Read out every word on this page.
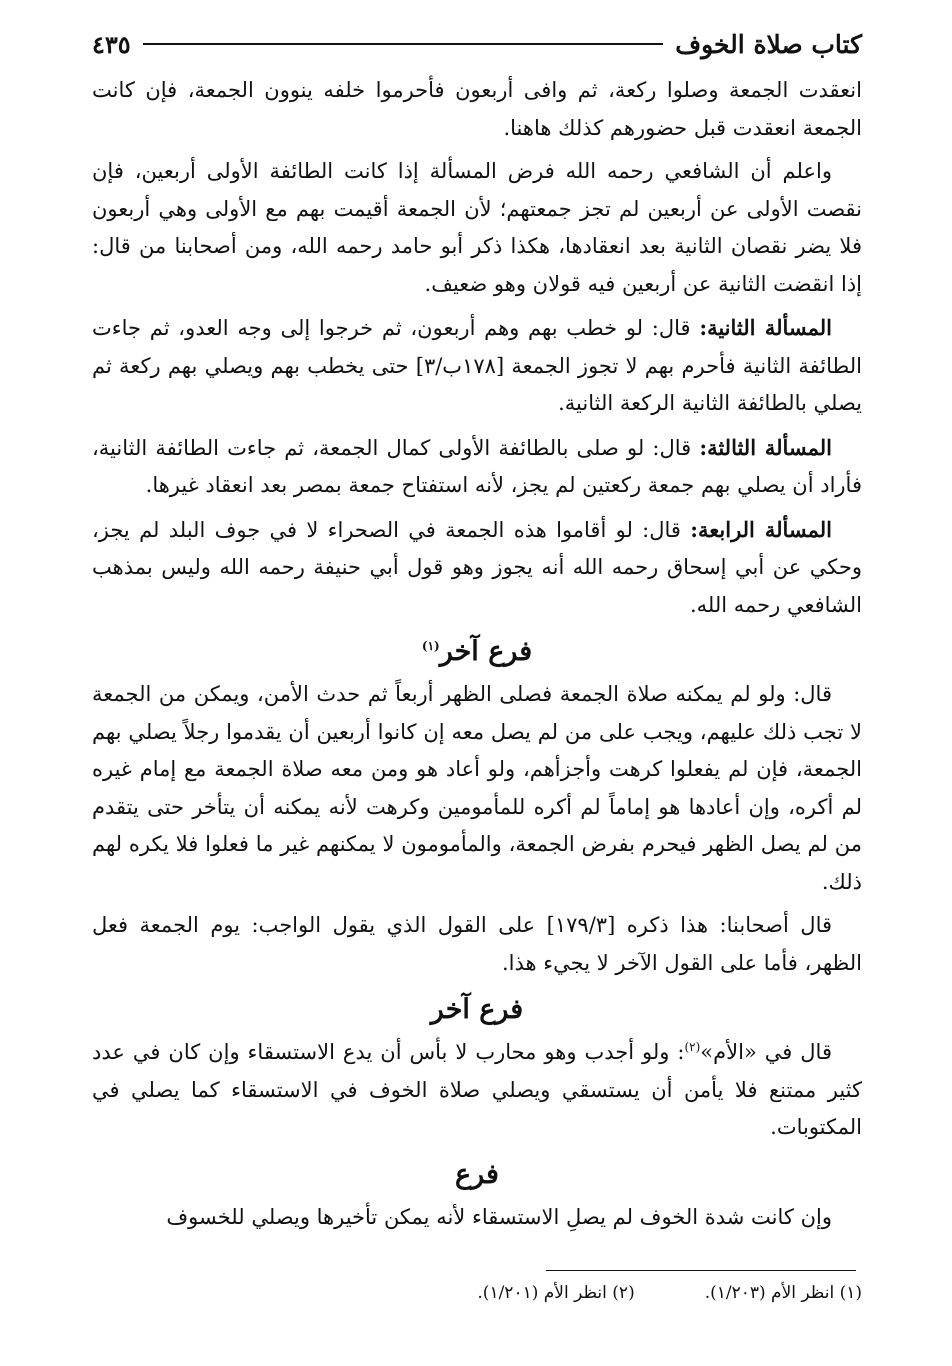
كتاب صلاة الخوف
٤٣٥

انعقدت الجمعة وصلوا ركعة، ثم وافى أربعون فأحرموا خلفه ينوون الجمعة، فإن كانت الجمعة انعقدت قبل حضورهم كذلك هاهنا.

واعلم أن الشافعي رحمه الله فرض المسألة إذا كانت الطائفة الأولى أربعين، فإن نقصت الأولى عن أربعين لم تجز جمعتهم؛ لأن الجمعة أقيمت بهم مع الأولى وهي أربعون فلا يضر نقصان الثانية بعد انعقادها، هكذا ذكر أبو حامد رحمه الله، ومن أصحابنا من قال: إذا انقضت الثانية عن أربعين فيه قولان وهو ضعيف.

المسألة الثانية: قال: لو خطب بهم وهم أربعون، ثم خرجوا إلى وجه العدو، ثم جاءت الطائفة الثانية فأحرم بهم لا تجوز الجمعة [١٧٨ب/٣] حتى يخطب بهم ويصلي بهم ركعة ثم يصلي بالطائفة الثانية الركعة الثانية.

المسألة الثالثة: قال: لو صلى بالطائفة الأولى كمال الجمعة، ثم جاءت الطائفة الثانية، فأراد أن يصلي بهم جمعة ركعتين لم يجز، لأنه استفتاح جمعة بمصر بعد انعقاد غيرها.

المسألة الرابعة: قال: لو أقاموا هذه الجمعة في الصحراء لا في جوف البلد لم يجز، وحكي عن أبي إسحاق رحمه الله أنه يجوز وهو قول أبي حنيفة رحمه الله وليس بمذهب الشافعي رحمه الله.

فرع آخر$^{(١)}$

قال: ولو لم يمكنه صلاة الجمعة فصلى الظهر أربعاً ثم حدث الأمن، ويمكن من الجمعة لا تجب ذلك عليهم، ويجب على من لم يصل معه إن كانوا أربعين أن يقدموا رجلاً يصلي بهم الجمعة، فإن لم يفعلوا كرهت وأجزأهم، ولو أعاد هو ومن معه صلاة الجمعة مع إمام غيره لم أكره، وإن أعادها هو إماماً لم أكره للمأمومين وكرهت لأنه يمكنه أن يتأخر حتى يتقدم من لم يصل الظهر فيحرم بفرض الجمعة، والمأمومون لا يمكنهم غير ما فعلوا فلا يكره لهم ذلك.

قال أصحابنا: هذا ذكره [١٧٩/٣] على القول الذي يقول الواجب: يوم الجمعة فعل الظهر، فأما على القول الآخر لا يجيء هذا.

فرع آخر

قال في «الأم»$^{(٢)}$: ولو أجدب وهو محارب لا بأس أن يدع الاستسقاء وإن كان في عدد كثير ممتنع فلا يأمن أن يستسقي ويصلي صلاة الخوف في الاستسقاء كما يصلي في المكتوبات.

فرع

وإن كانت شدة الخوف لم يصلِ الاستسقاء لأنه يمكن تأخيرها ويصلي للخسوف

(١) انظر الأم (١/٢٠٣).
(٢) انظر الأم (١/٢٠١).
